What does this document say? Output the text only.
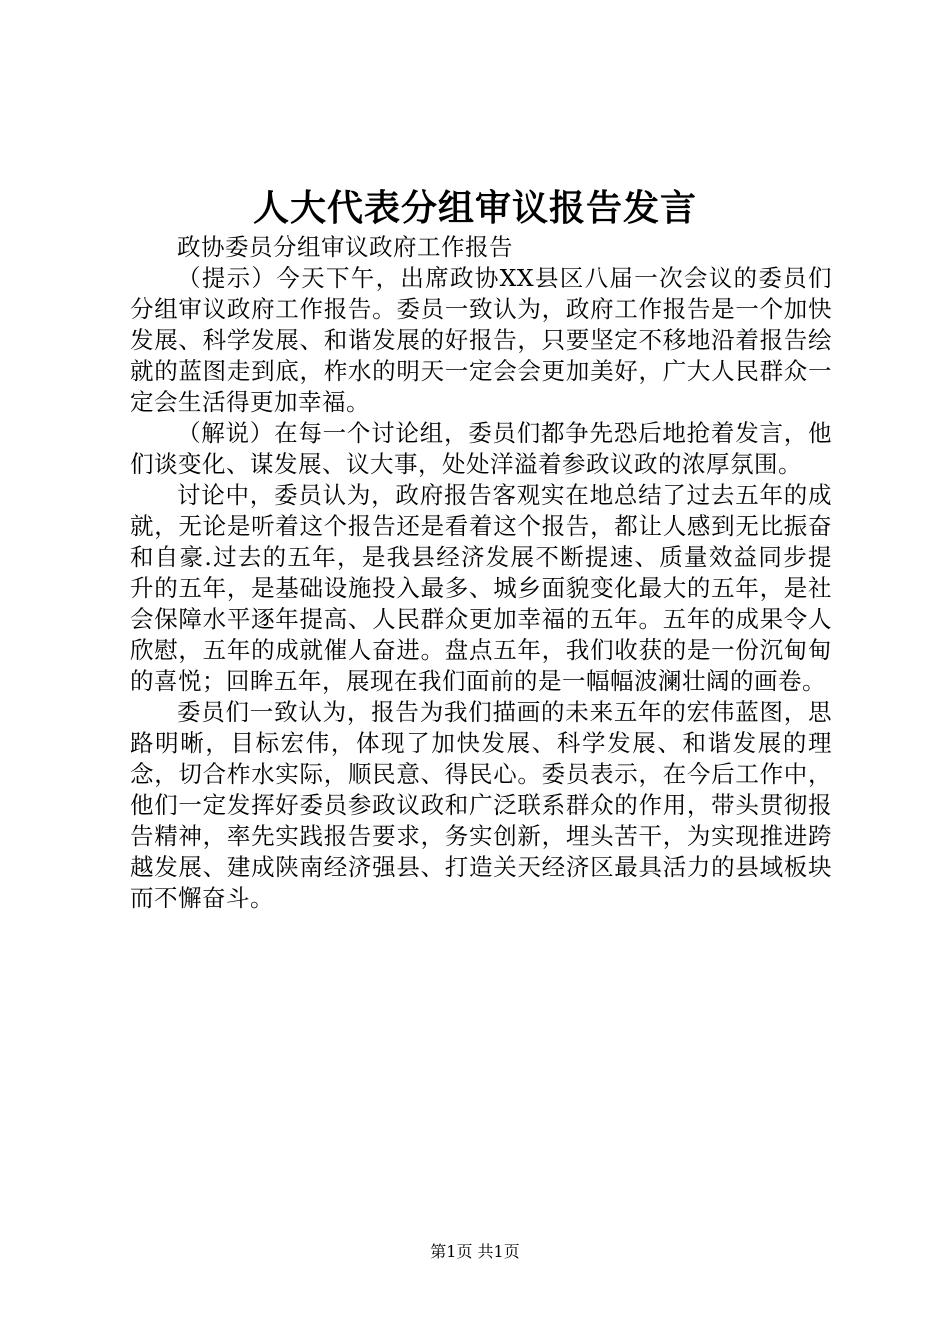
人大代表分组审议报告发言

政协委员分组审议政府工作报告

（提示）今天下午，出席政协XX县区八届一次会议的委员们分组审议政府工作报告。委员一致认为，政府工作报告是一个加快发展、科学发展、和谐发展的好报告，只要坚定不移地沿着报告绘就的蓝图走到底，柞水的明天一定会会更加美好，广大人民群众一定会生活得更加幸福。

（解说）在每一个讨论组，委员们都争先恐后地抢着发言，他们谈变化、谋发展、议大事，处处洋溢着参政议政的浓厚氛围。

讨论中，委员认为，政府报告客观实在地总结了过去五年的成就，无论是听着这个报告还是看着这个报告，都让人感到无比振奋和自豪.过去的五年，是我县经济发展不断提速、质量效益同步提升的五年，是基础设施投入最多、城乡面貌变化最大的五年，是社会保障水平逐年提高、人民群众更加幸福的五年。五年的成果令人欣慰，五年的成就催人奋进。盘点五年，我们收获的是一份沉甸甸的喜悦；回眸五年，展现在我们面前的是一幅幅波澜壮阔的画卷。

委员们一致认为，报告为我们描画的未来五年的宏伟蓝图，思路明晰，目标宏伟，体现了加快发展、科学发展、和谐发展的理念，切合柞水实际，顺民意、得民心。委员表示，在今后工作中，他们一定发挥好委员参政议政和广泛联系群众的作用，带头贯彻报告精神，率先实践报告要求，务实创新，埋头苦干，为实现推进跨越发展、建成陕南经济强县、打造关天经济区最具活力的县域板块而不懈奋斗。

第1页 共1页
